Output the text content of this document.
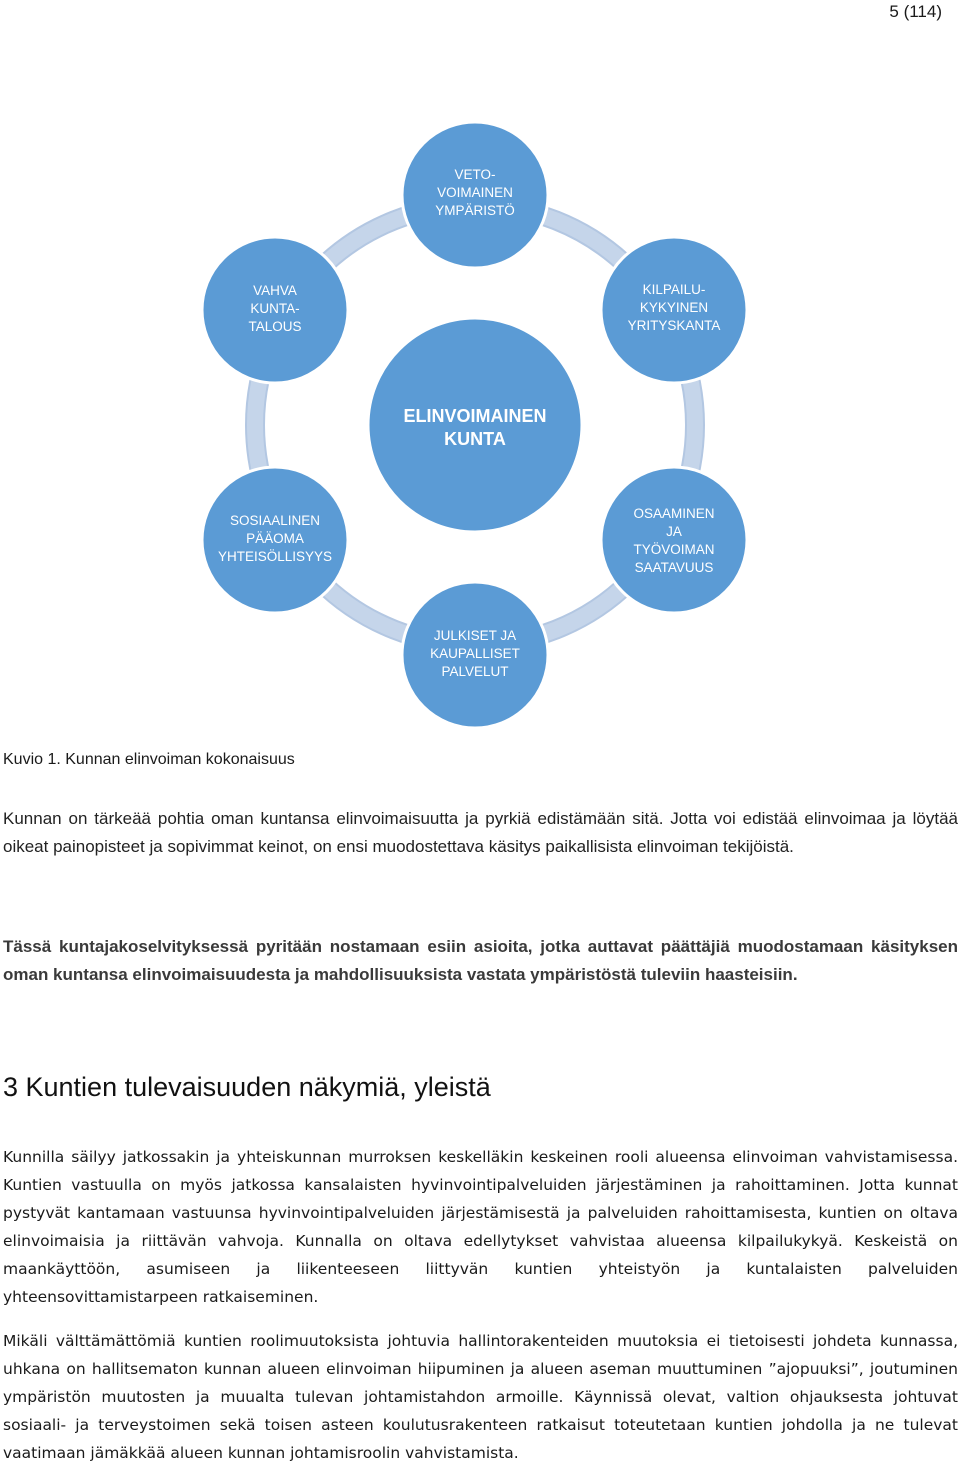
5 (114)
ELINVOIMAINEN
KUNTA
VETO-
VOIMAINEN
YMPÄRISTÖ
KILPAILU-
KYKYINEN
YRITYSKANTA
OSAAMINEN
JA
TYÖVOIMAN
SAATAVUUS
JULKISET JA
KAUPALLISET
PALVELUT
SOSIAALINEN
PÄÄOMA
YHTEISÖLLISYYS
VAHVA
KUNTA-
TALOUS
Kuvio 1. Kunnan elinvoiman kokonaisuus

Kunnan on tärkeää pohtia oman kuntansa elinvoimaisuutta ja pyrkiä edistämään sitä. Jotta voi edistää elinvoimaa ja löytää oikeat painopisteet ja sopivimmat keinot, on ensi muodostettava käsitys paikallisista elinvoiman tekijöistä.

Tässä kuntajakoselvityksessä pyritään nostamaan esiin asioita, jotka auttavat päättäjiä muodostamaan käsityksen oman kuntansa elinvoimaisuudesta ja mahdollisuuksista vastata ympäristöstä tuleviin haasteisiin.

3 Kuntien tulevaisuuden näkymiä, yleistä

Kunnilla säilyy jatkossakin ja yhteiskunnan murroksen keskelläkin keskeinen rooli alueensa elinvoiman vahvistamisessa. Kuntien vastuulla on myös jatkossa kansalaisten hyvinvointipalveluiden järjestäminen ja rahoittaminen. Jotta kunnat pystyvät kantamaan vastuunsa hyvinvointipalveluiden järjestämisestä ja palveluiden rahoittamisesta, kuntien on oltava elinvoimaisia ja riittävän vahvoja. Kunnalla on oltava edellytykset vahvistaa alueensa kilpailukykyä. Keskeistä on maankäyttöön, asumiseen ja liikenteeseen liittyvän kuntien yhteistyön ja kuntalaisten palveluiden yhteensovittamistarpeen ratkaiseminen.

Mikäli välttämättömiä kuntien roolimuutoksista johtuvia hallintorakenteiden muutoksia ei tietoisesti johdeta kunnassa, uhkana on hallitsematon kunnan alueen elinvoiman hiipuminen ja alueen aseman muuttuminen ”ajopuuksi”, joutuminen ympäristön muutosten ja muualta tulevan johtamistahdon armoille. Käynnissä olevat, valtion ohjauksesta johtuvat sosiaali- ja terveystoimen sekä toisen asteen koulutusrakenteen ratkaisut toteutetaan kuntien johdolla ja ne tulevat vaatimaan jämäkkää alueen kunnan johtamisroolin vahvistamista.
